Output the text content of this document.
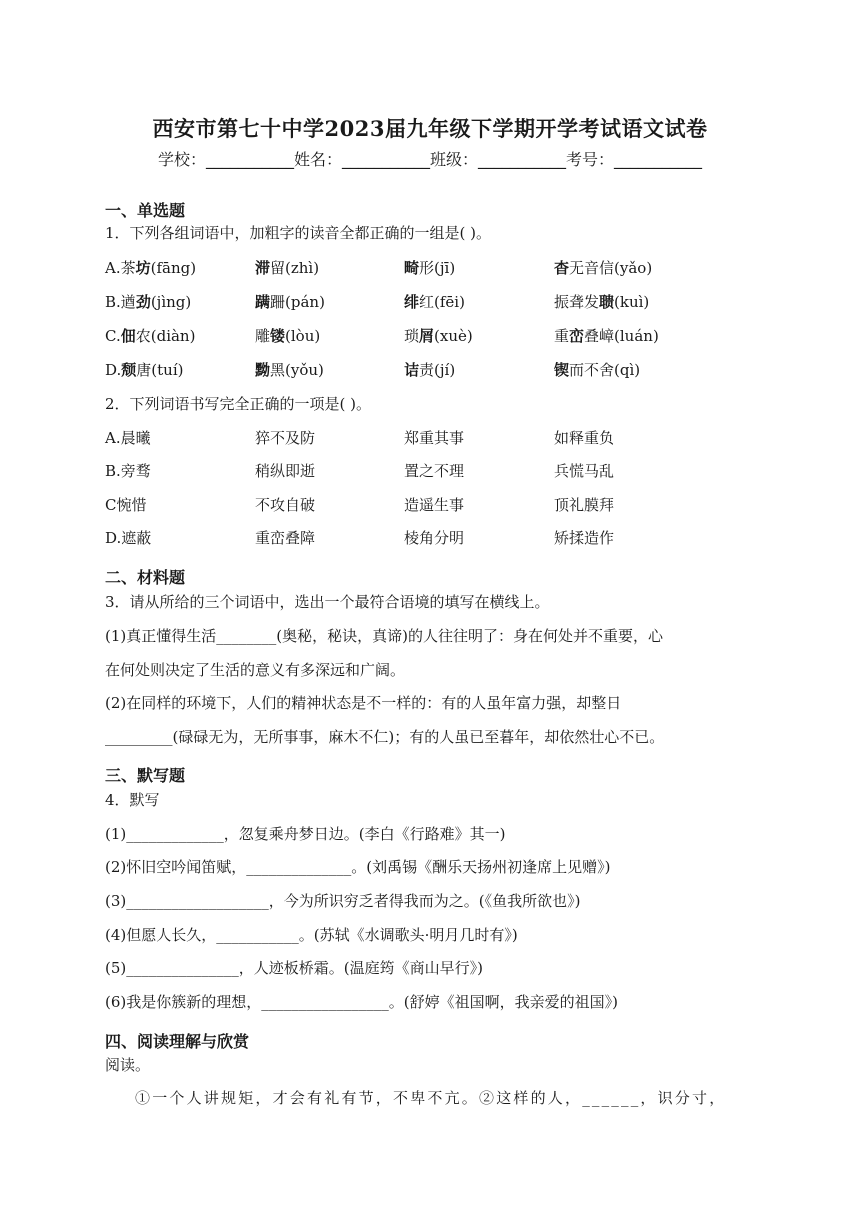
西安市第七十中学2023届九年级下学期开学考试语文试卷
学校：___________姓名：___________班级：___________考号：___________
一、单选题
1．下列各组词语中，加粗字的读音全都正确的一组是( )。
A.茶坊(fāng)	滞留(zhì)	畸形(jī)	杳无音信(yǎo)
B.遒劲(jìng)	蹒跚(pán)	绯红(fēi)	振聋发聩(kuì)
C.佃农(diàn)	雕镂(lòu)	琐屑(xuè)	重峦叠嶂(luán)
D.颓唐(tuí)	黝黑(yǒu)	诘责(jí)	锲而不舍(qì)
2．下列词语书写完全正确的一项是( )。
A.晨曦	猝不及防	郑重其事	如释重负
B.旁骛	稍纵即逝	置之不理	兵慌马乱
C惋惜	不攻自破	造遥生事	顶礼膜拜
D.遮蔽	重峦叠障	棱角分明	矫揉造作
二、材料题
3．请从所给的三个词语中，选出一个最符合语境的填写在横线上。
(1)真正懂得生活________(奥秘，秘诀，真谛)的人往往明了：身在何处并不重要，心
在何处则决定了生活的意义有多深远和广阔。
(2)在同样的环境下，人们的精神状态是不一样的：有的人虽年富力强，却整日
_________(碌碌无为，无所事事，麻木不仁)；有的人虽已至暮年，却依然壮心不已。
三、默写题
4．默写
(1)_____________，忽复乘舟梦日边。(李白《行路难》其一)
(2)怀旧空吟闻笛赋，______________。(刘禹锡《酬乐天扬州初逢席上见赠》)
(3)___________________，今为所识穷乏者得我而为之。(《鱼我所欲也》)
(4)但愿人长久，___________。(苏轼《水调歌头·明月几时有》)
(5)_______________，人迹板桥霜。(温庭筠《商山早行》)
(6)我是你簇新的理想，_________________。(舒婷《祖国啊，我亲爱的祖国》)
四、阅读理解与欣赏
阅读。
①一个人讲规矩，才会有礼有节，不卑不亢。②这样的人，______，识分寸，
